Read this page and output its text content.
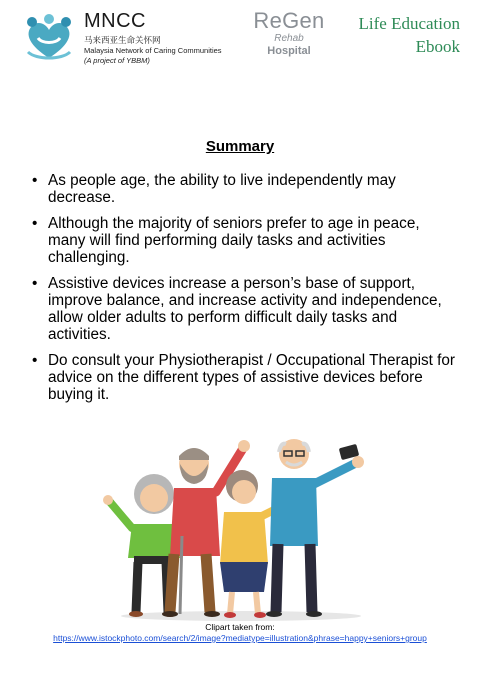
MNCC
马来西亚生命关怀网
Malaysia Network of Caring Communities
(A project of YBBM)
ReGen
Rehab
Hospital
Life Education
Ebook
Summary
• As people age, the ability to live independently may decrease.
• Although the majority of seniors prefer to age in peace, many will find performing daily tasks and activities challenging.
• Assistive devices increase a person’s base of support, improve balance, and increase activity and independence, allow older adults to perform difficult daily tasks and activities.
• Do consult your Physiotherapist / Occupational Therapist for advice on the different types of assistive devices before buying it.
Clipart taken from:
https://www.istockphoto.com/search/2/image?mediatype=illustration&phrase=happy+seniors+group
